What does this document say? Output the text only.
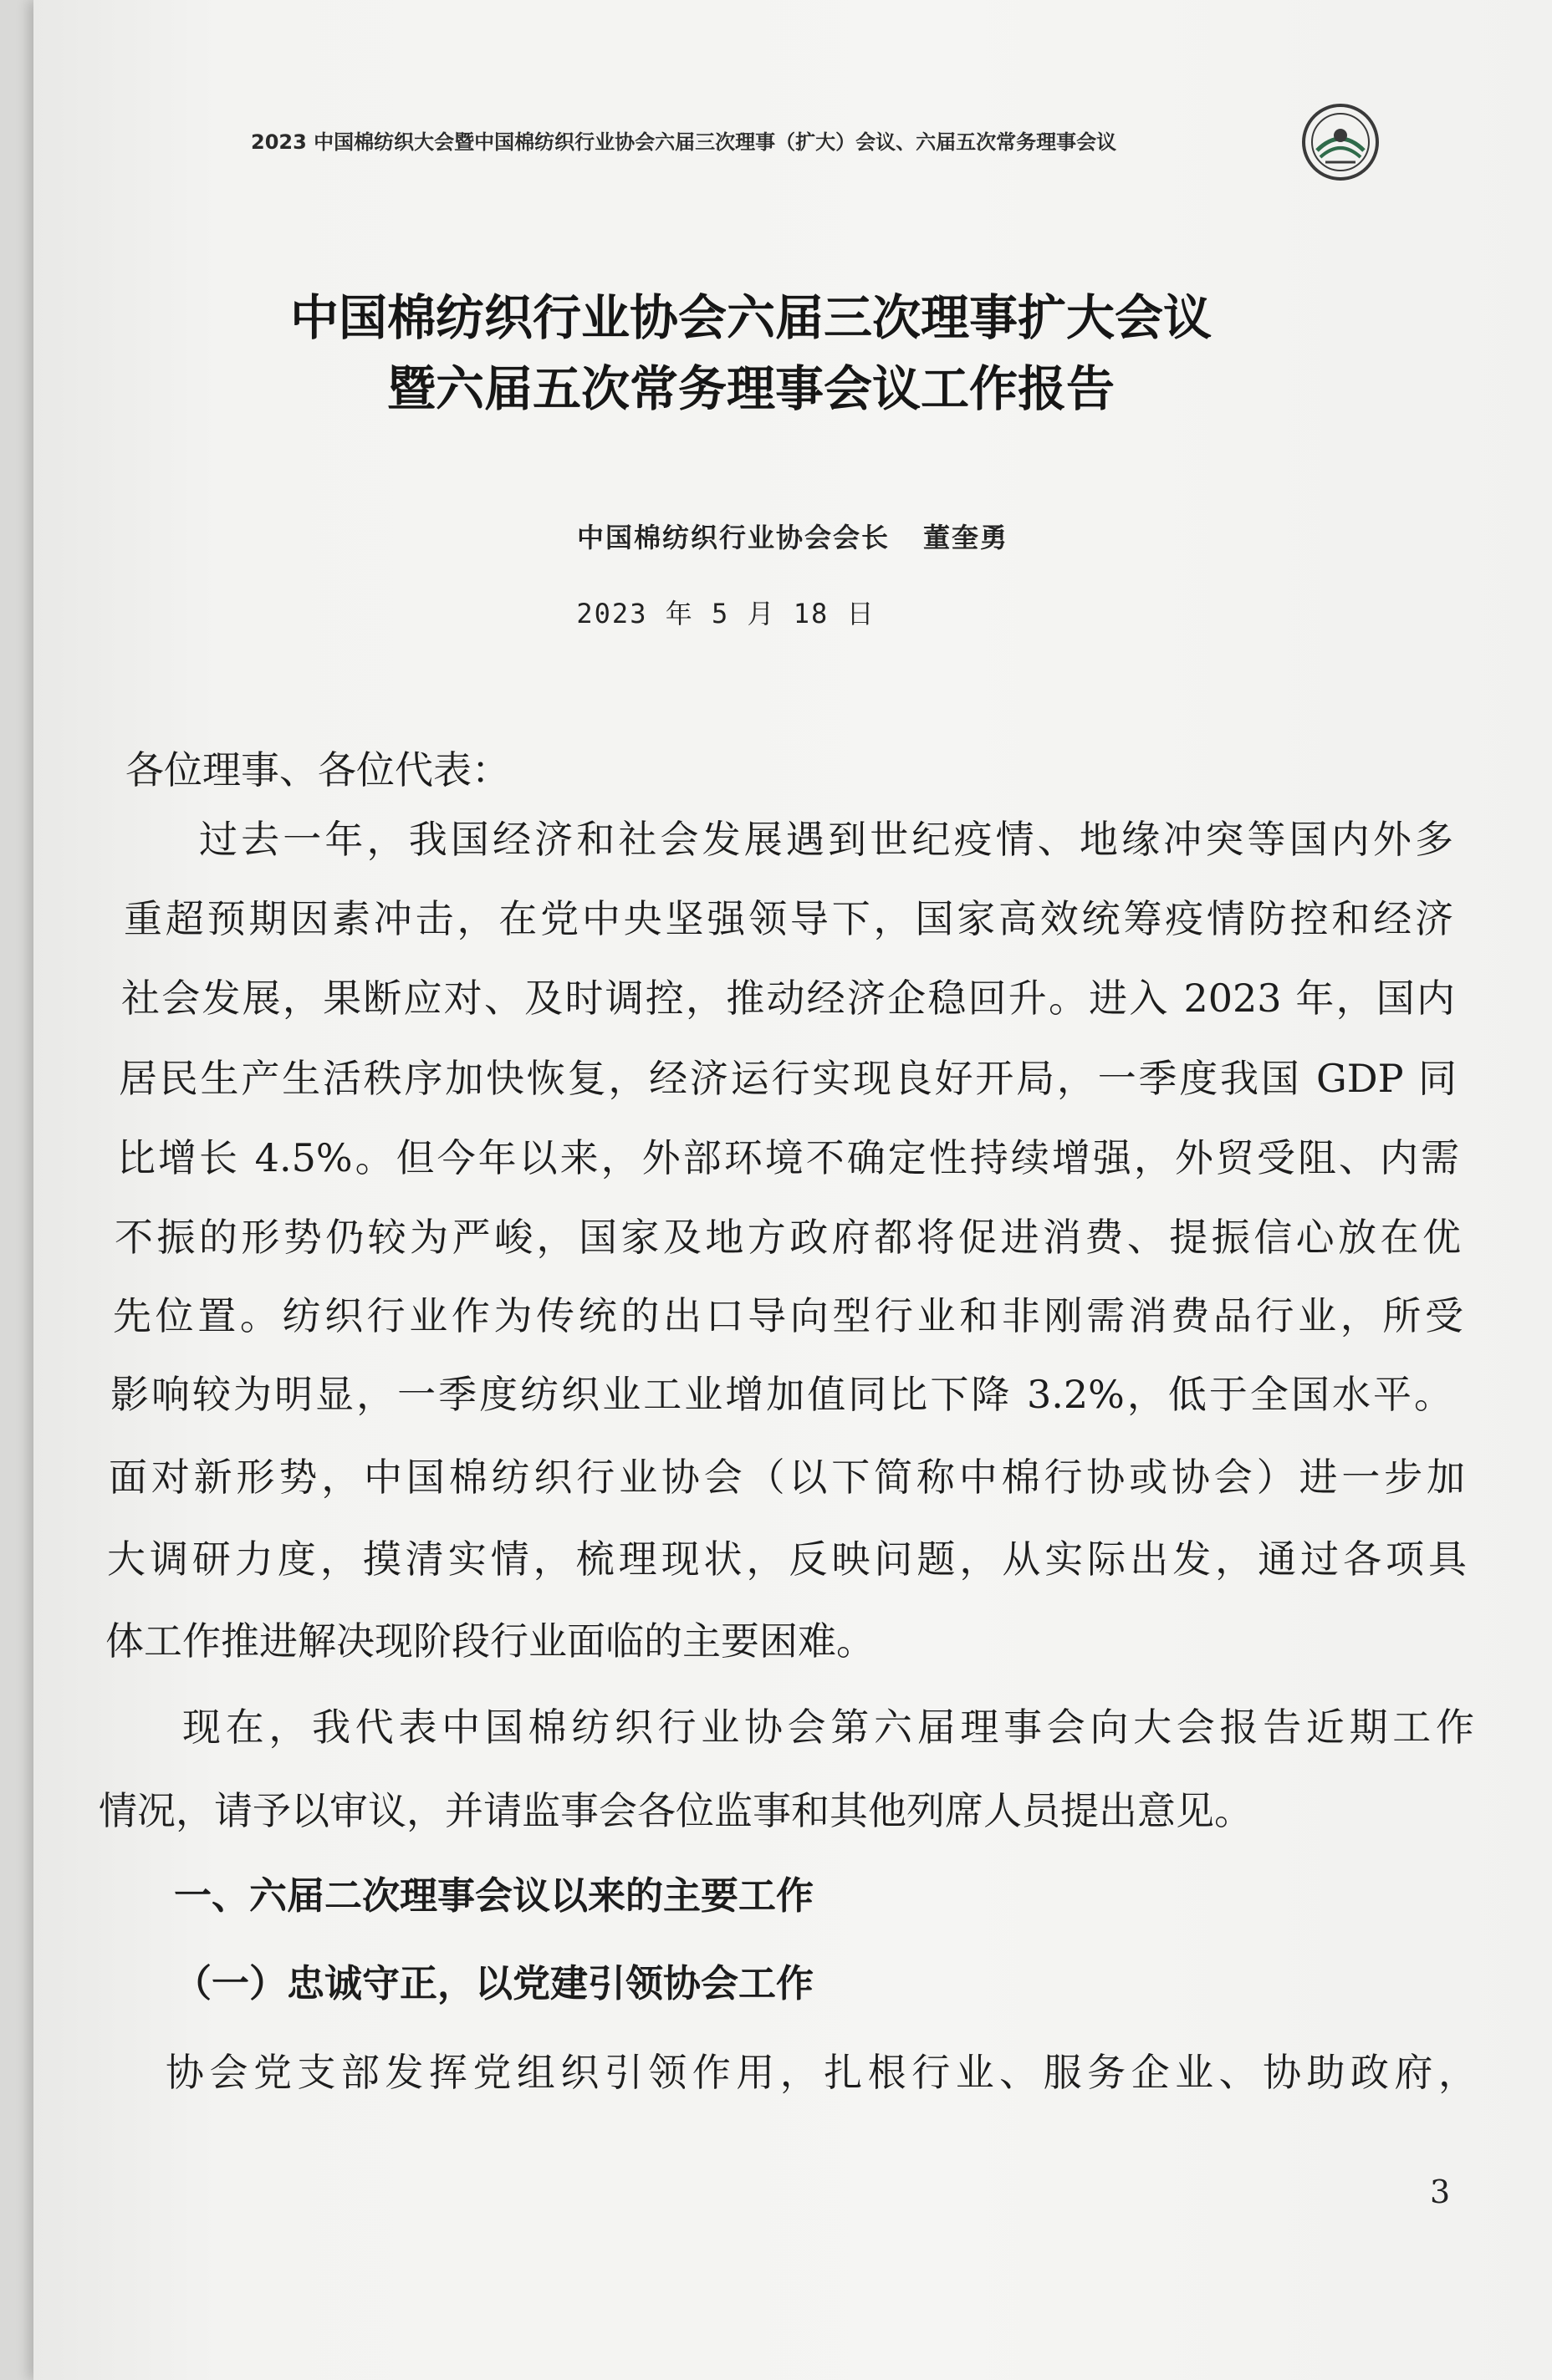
2023 中国棉纺织大会暨中国棉纺织行业协会六届三次理事（扩大）会议、六届五次常务理事会议
中国棉纺织行业协会六届三次理事扩大会议
暨六届五次常务理事会议工作报告
中国棉纺织行业协会会长 董奎勇
2023 年 5 月 18 日
各位理事、各位代表：
过去一年，我国经济和社会发展遇到世纪疫情、地缘冲突等国内外多
重超预期因素冲击，在党中央坚强领导下，国家高效统筹疫情防控和经济
社会发展，果断应对、及时调控，推动经济企稳回升。进入 2023 年，国内
居民生产生活秩序加快恢复，经济运行实现良好开局，一季度我国 GDP 同
比增长 4.5%。但今年以来，外部环境不确定性持续增强，外贸受阻、内需
不振的形势仍较为严峻，国家及地方政府都将促进消费、提振信心放在优
先位置。纺织行业作为传统的出口导向型行业和非刚需消费品行业，所受
影响较为明显，一季度纺织业工业增加值同比下降 3.2%，低于全国水平。
面对新形势，中国棉纺织行业协会（以下简称中棉行协或协会）进一步加
大调研力度，摸清实情，梳理现状，反映问题，从实际出发，通过各项具
体工作推进解决现阶段行业面临的主要困难。
现在，我代表中国棉纺织行业协会第六届理事会向大会报告近期工作
情况，请予以审议，并请监事会各位监事和其他列席人员提出意见。
一、六届二次理事会议以来的主要工作
（一）忠诚守正，以党建引领协会工作
协会党支部发挥党组织引领作用，扎根行业、服务企业、协助政府，
3
